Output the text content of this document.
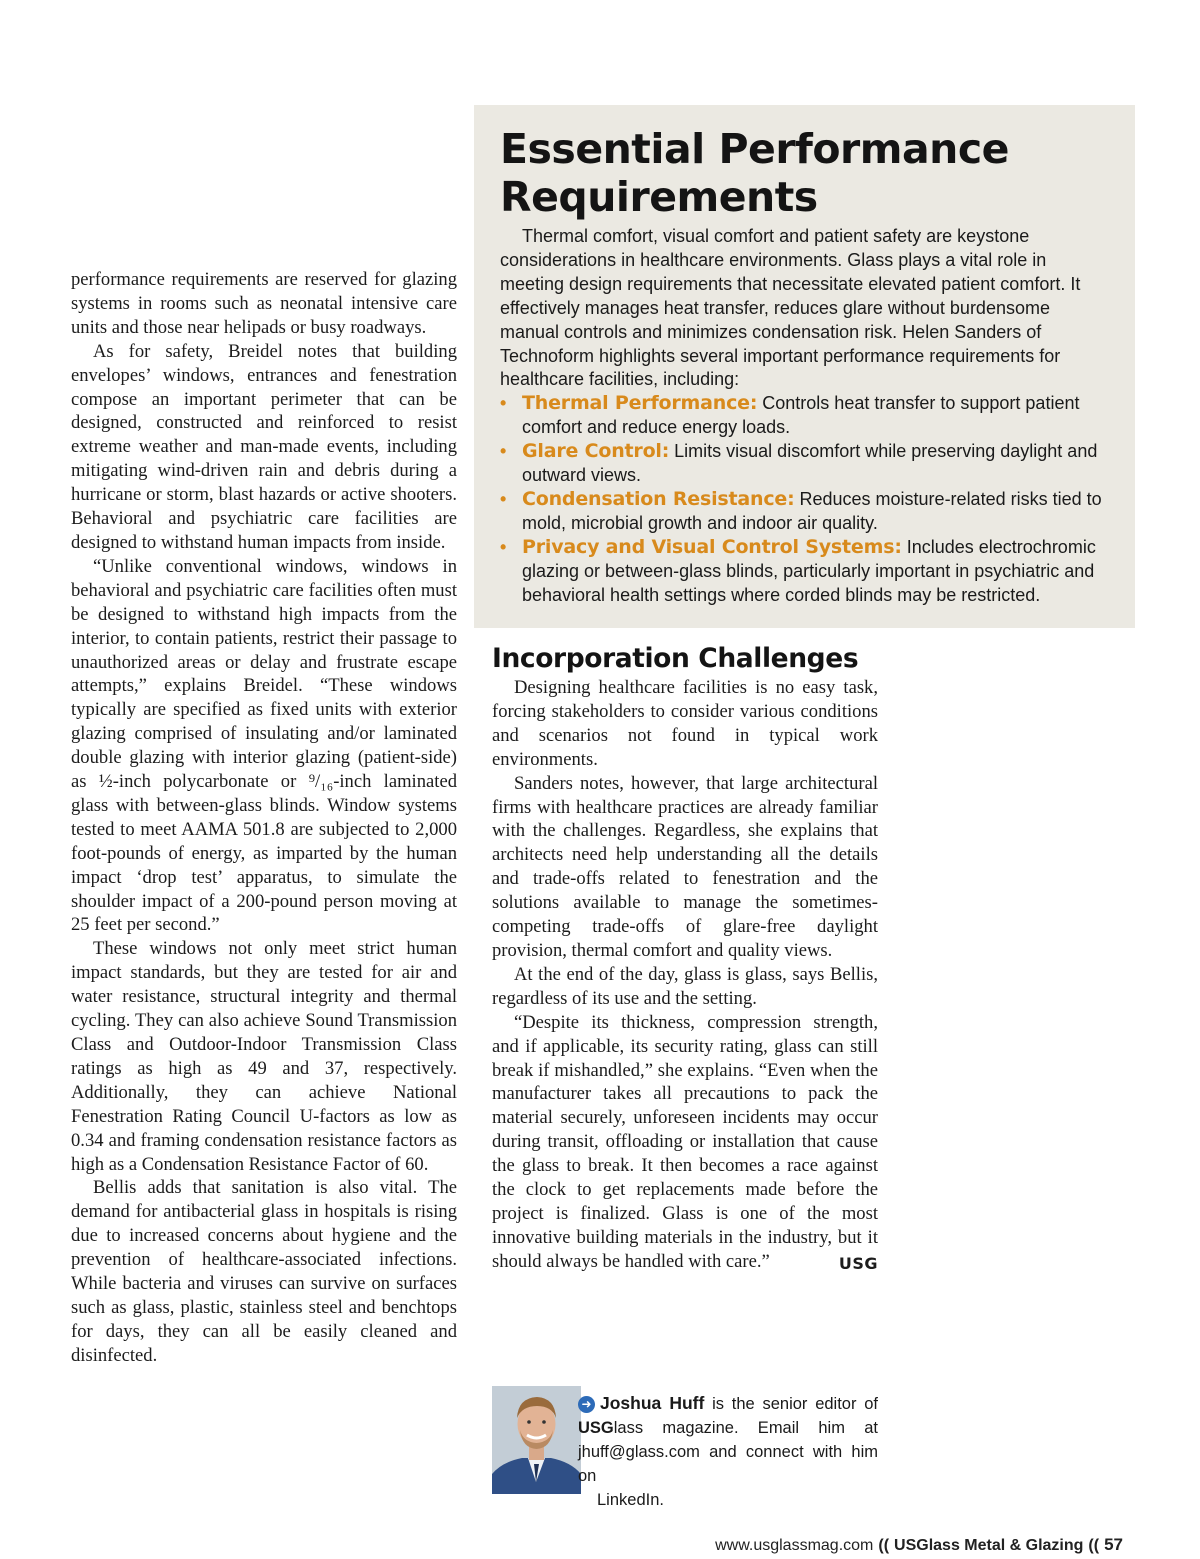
performance requirements are reserved for glazing systems in rooms such as neonatal intensive care units and those near helipads or busy roadways.

As for safety, Breidel notes that building envelopes’ windows, entrances and fenestration compose an important perimeter that can be designed, constructed and reinforced to resist extreme weather and man-made events, including mitigating wind-driven rain and debris during a hurricane or storm, blast hazards or active shooters. Behavioral and psychiatric care facilities are designed to withstand human impacts from inside.

“Unlike conventional windows, windows in behavioral and psychiatric care facilities often must be designed to withstand high impacts from the interior, to contain patients, restrict their passage to unauthorized areas or delay and frustrate escape attempts,” explains Breidel. “These windows typically are specified as fixed units with exterior glazing comprised of insulating and/or laminated double glazing with interior glazing (patient-side) as ½-inch polycarbonate or ⁹/₁₆-inch laminated glass with between-glass blinds. Window systems tested to meet AAMA 501.8 are subjected to 2,000 foot-pounds of energy, as imparted by the human impact ‘drop test’ apparatus, to simulate the shoulder impact of a 200-pound person moving at 25 feet per second.”

These windows not only meet strict human impact standards, but they are tested for air and water resistance, structural integrity and thermal cycling. They can also achieve Sound Transmission Class and Outdoor-Indoor Transmission Class ratings as high as 49 and 37, respectively. Additionally, they can achieve National Fenestration Rating Council U-factors as low as 0.34 and framing condensation resistance factors as high as a Condensation Resistance Factor of 60.

Bellis adds that sanitation is also vital. The demand for antibacterial glass in hospitals is rising due to increased concerns about hygiene and the prevention of healthcare-associated infections. While bacteria and viruses can survive on surfaces such as glass, plastic, stainless steel and benchtops for days, they can all be easily cleaned and disinfected.

Essential Performance Requirements

Thermal comfort, visual comfort and patient safety are keystone considerations in healthcare environments. Glass plays a vital role in meeting design requirements that necessitate elevated patient comfort. It effectively manages heat transfer, reduces glare without burdensome manual controls and minimizes condensation risk. Helen Sanders of Technoform highlights several important performance requirements for healthcare facilities, including:

• Thermal Performance: Controls heat transfer to support patient comfort and reduce energy loads.
• Glare Control: Limits visual discomfort while preserving daylight and outward views.
• Condensation Resistance: Reduces moisture-related risks tied to mold, microbial growth and indoor air quality.
• Privacy and Visual Control Systems: Includes electrochromic glazing or between-glass blinds, particularly important in psychiatric and behavioral health settings where corded blinds may be restricted.
Incorporation Challenges

Designing healthcare facilities is no easy task, forcing stakeholders to consider various conditions and scenarios not found in typical work environments.

Sanders notes, however, that large architectural firms with healthcare practices are already familiar with the challenges. Regardless, she explains that architects need help understanding all the details and trade-offs related to fenestration and the solutions available to manage the sometimes-competing trade-offs of glare-free daylight provision, thermal comfort and quality views.

At the end of the day, glass is glass, says Bellis, regardless of its use and the setting.

“Despite its thickness, compression strength, and if applicable, its security rating, glass can still break if mishandled,” she explains. “Even when the manufacturer takes all precautions to pack the material securely, unforeseen incidents may occur during transit, offloading or installation that cause the glass to break. It then becomes a race against the clock to get replacements made before the project is finalized. Glass is one of the most innovative building materials in the industry, but it should always be handled with care.”	USG

➜ Joshua Huff is the senior editor of USGlass magazine. Email him at jhuff@glass.com and connect with him on
LinkedIn.
www.usglassmag.com (( USGlass Metal & Glazing (( 57
